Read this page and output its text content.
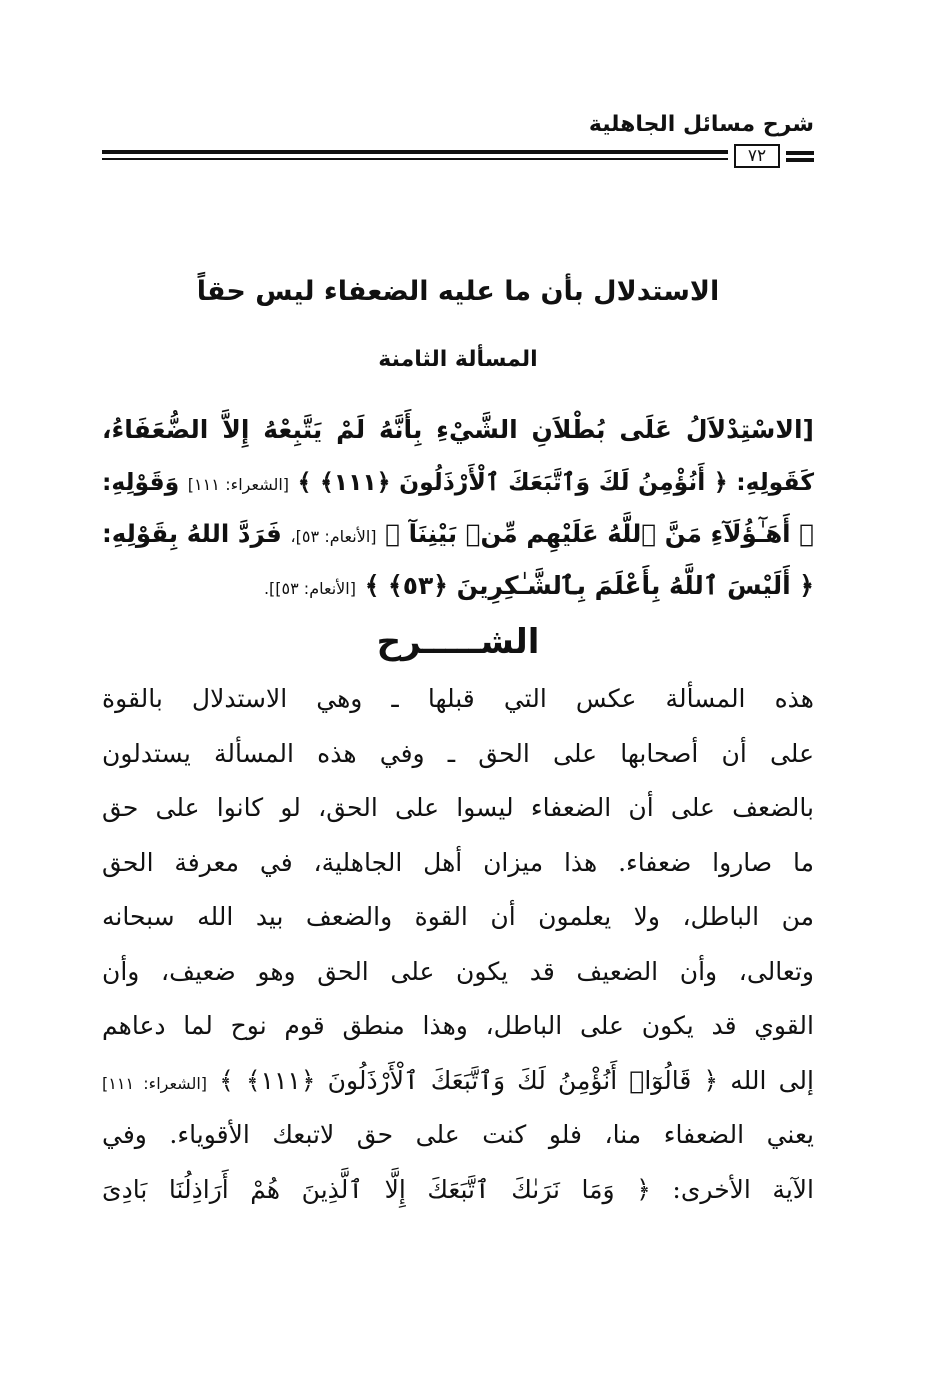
شرح مسائل الجاهلية
٧٢
الاستدلال بأن ما عليه الضعفاء ليس حقاً
المسألة الثامنة
[الاسْتِدْلاَلُ عَلَى بُطْلاَنِ الشَّيْءِ بِأَنَّهُ لَمْ يَتَّبِعْهُ إِلاَّ الضُّعَفَاءُ،
كَقَولِهِ: ﴿ أَنُؤْمِنُ لَكَ وَٱتَّبَعَكَ ٱلْأَرْذَلُونَ ﴿١١١﴾ ﴾ [الشعراء: ١١١] وَقَوْلِهِ:
﴿ أَهَـٰٓؤُلَآءِ مَنَّ ٱللَّهُ عَلَيْهِم مِّنۢ بَيْنِنَآ ﴾ [الأنعام: ٥٣]، فَرَدَّ اللهُ بِقَوْلِهِ:
﴿ أَلَيْسَ ٱللَّهُ بِأَعْلَمَ بِٱلشَّـٰكِرِينَ ﴿٥٣﴾ ﴾ [الأنعام: ٥٣]].
الشـــــرح
هذه المسألة عكس التي قبلها ـ وهي الاستدلال بالقوة
على أن أصحابها على الحق ـ وفي هذه المسألة يستدلون
بالضعف على أن الضعفاء ليسوا على الحق، لو كانوا على حق
ما صاروا ضعفاء. هذا ميزان أهل الجاهلية، في معرفة الحق
من الباطل، ولا يعلمون أن القوة والضعف بيد الله سبحانه
وتعالى، وأن الضعيف قد يكون على الحق وهو ضعيف، وأن
القوي قد يكون على الباطل، وهذا منطق قوم نوح لما دعاهم
إلى الله ﴿ قَالُوٓا۟ أَنُؤْمِنُ لَكَ وَٱتَّبَعَكَ ٱلْأَرْذَلُونَ ﴿١١١﴾ ﴾ [الشعراء: ١١١]
يعني الضعفاء منا، فلو كنت على حق لاتبعك الأقوياء. وفي
الآية الأخرى: ﴿ وَمَا نَرَىٰكَ ٱتَّبَعَكَ إِلَّا ٱلَّذِينَ هُمْ أَرَاذِلُنَا بَادِىَ
